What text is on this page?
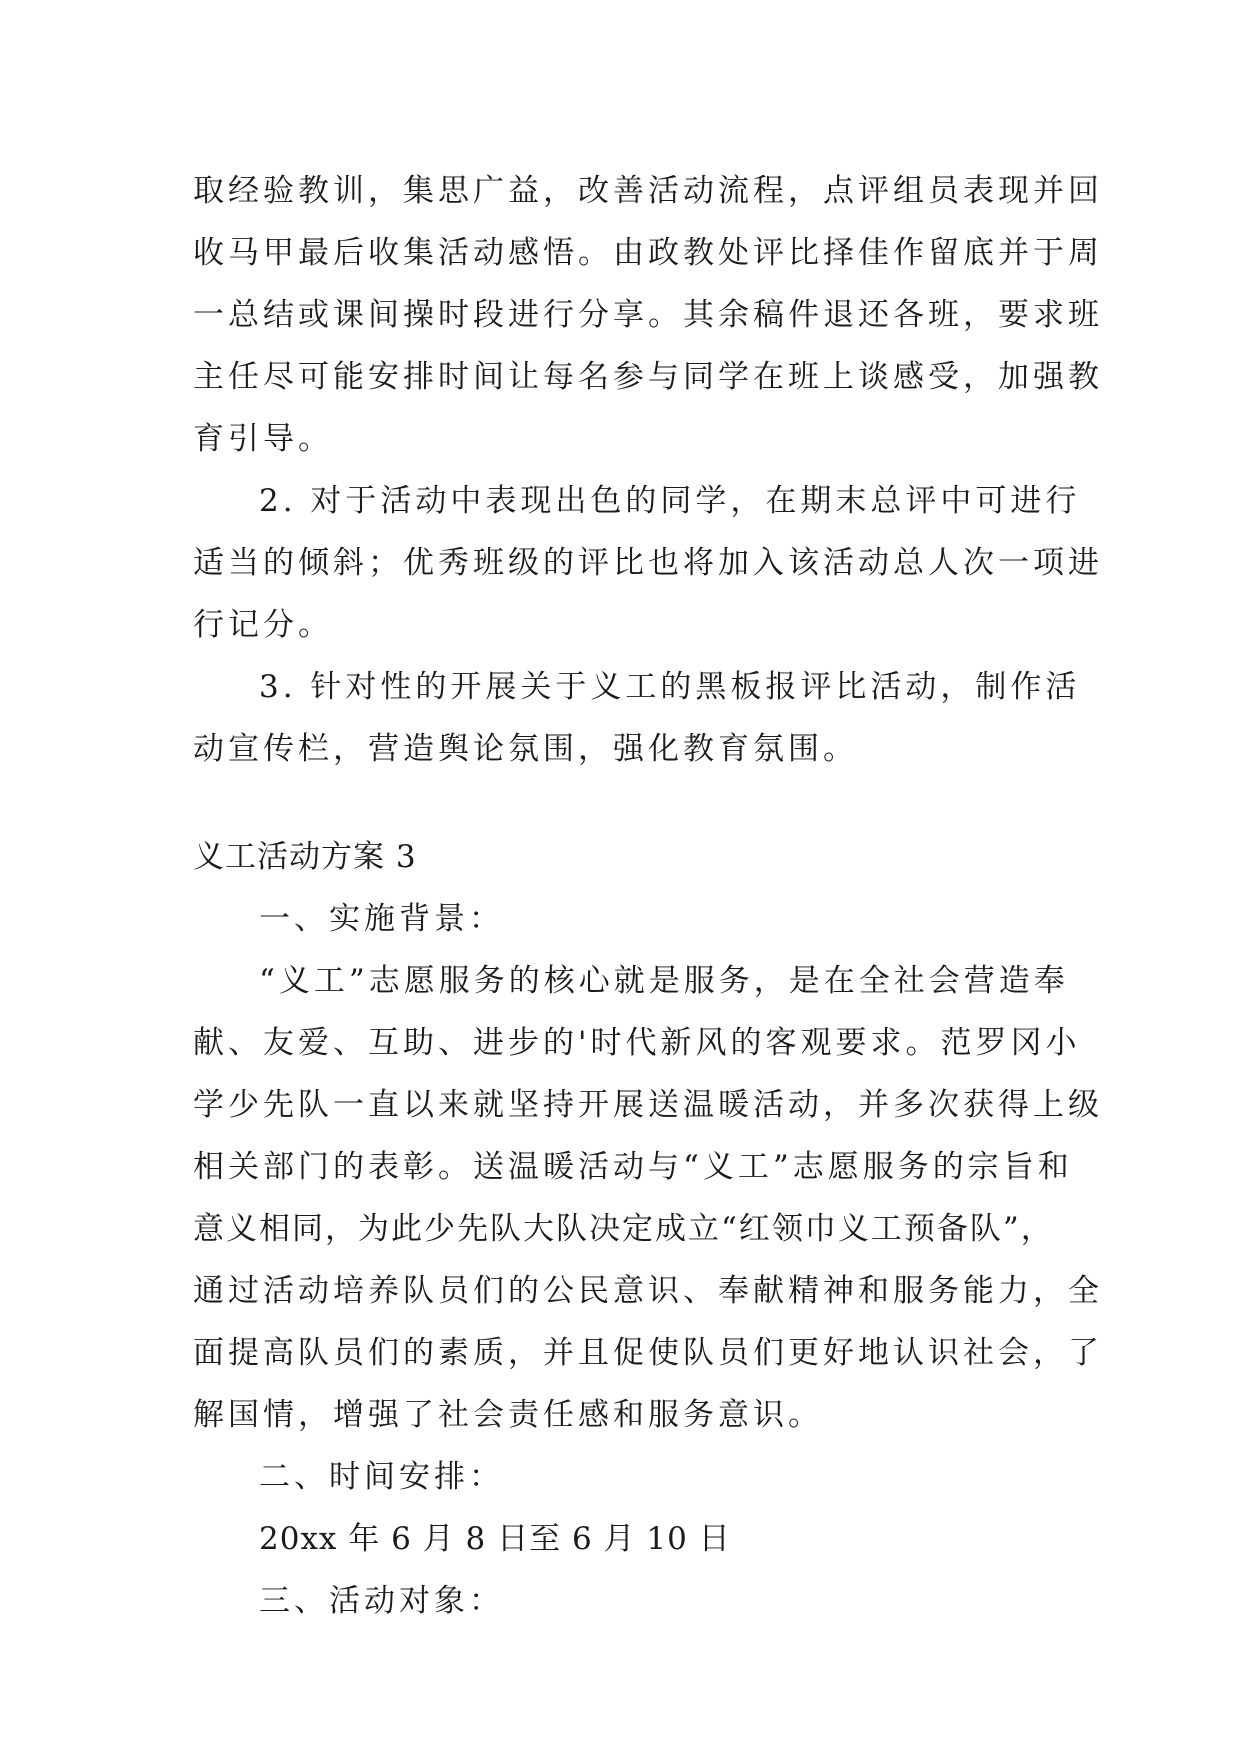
取经验教训，集思广益，改善活动流程，点评组员表现并回
收马甲最后收集活动感悟。由政教处评比择佳作留底并于周
一总结或课间操时段进行分享。其余稿件退还各班，要求班
主任尽可能安排时间让每名参与同学在班上谈感受，加强教
育引导。

2. 对于活动中表现出色的同学，在期末总评中可进行
适当的倾斜；优秀班级的评比也将加入该活动总人次一项进
行记分。

3. 针对性的开展关于义工的黑板报评比活动，制作活
动宣传栏，营造舆论氛围，强化教育氛围。

义工活动方案 3

一、实施背景：

“义工”志愿服务的核心就是服务，是在全社会营造奉
献、友爱、互助、进步的'时代新风的客观要求。范罗冈小
学少先队一直以来就坚持开展送温暖活动，并多次获得上级
相关部门的表彰。送温暖活动与“义工”志愿服务的宗旨和
意义相同，为此少先队大队决定成立“红领巾义工预备队”，
通过活动培养队员们的公民意识、奉献精神和服务能力，全
面提高队员们的素质，并且促使队员们更好地认识社会，了
解国情，增强了社会责任感和服务意识。

二、时间安排：

20xx 年 6 月 8 日至 6 月 10 日

三、活动对象：
